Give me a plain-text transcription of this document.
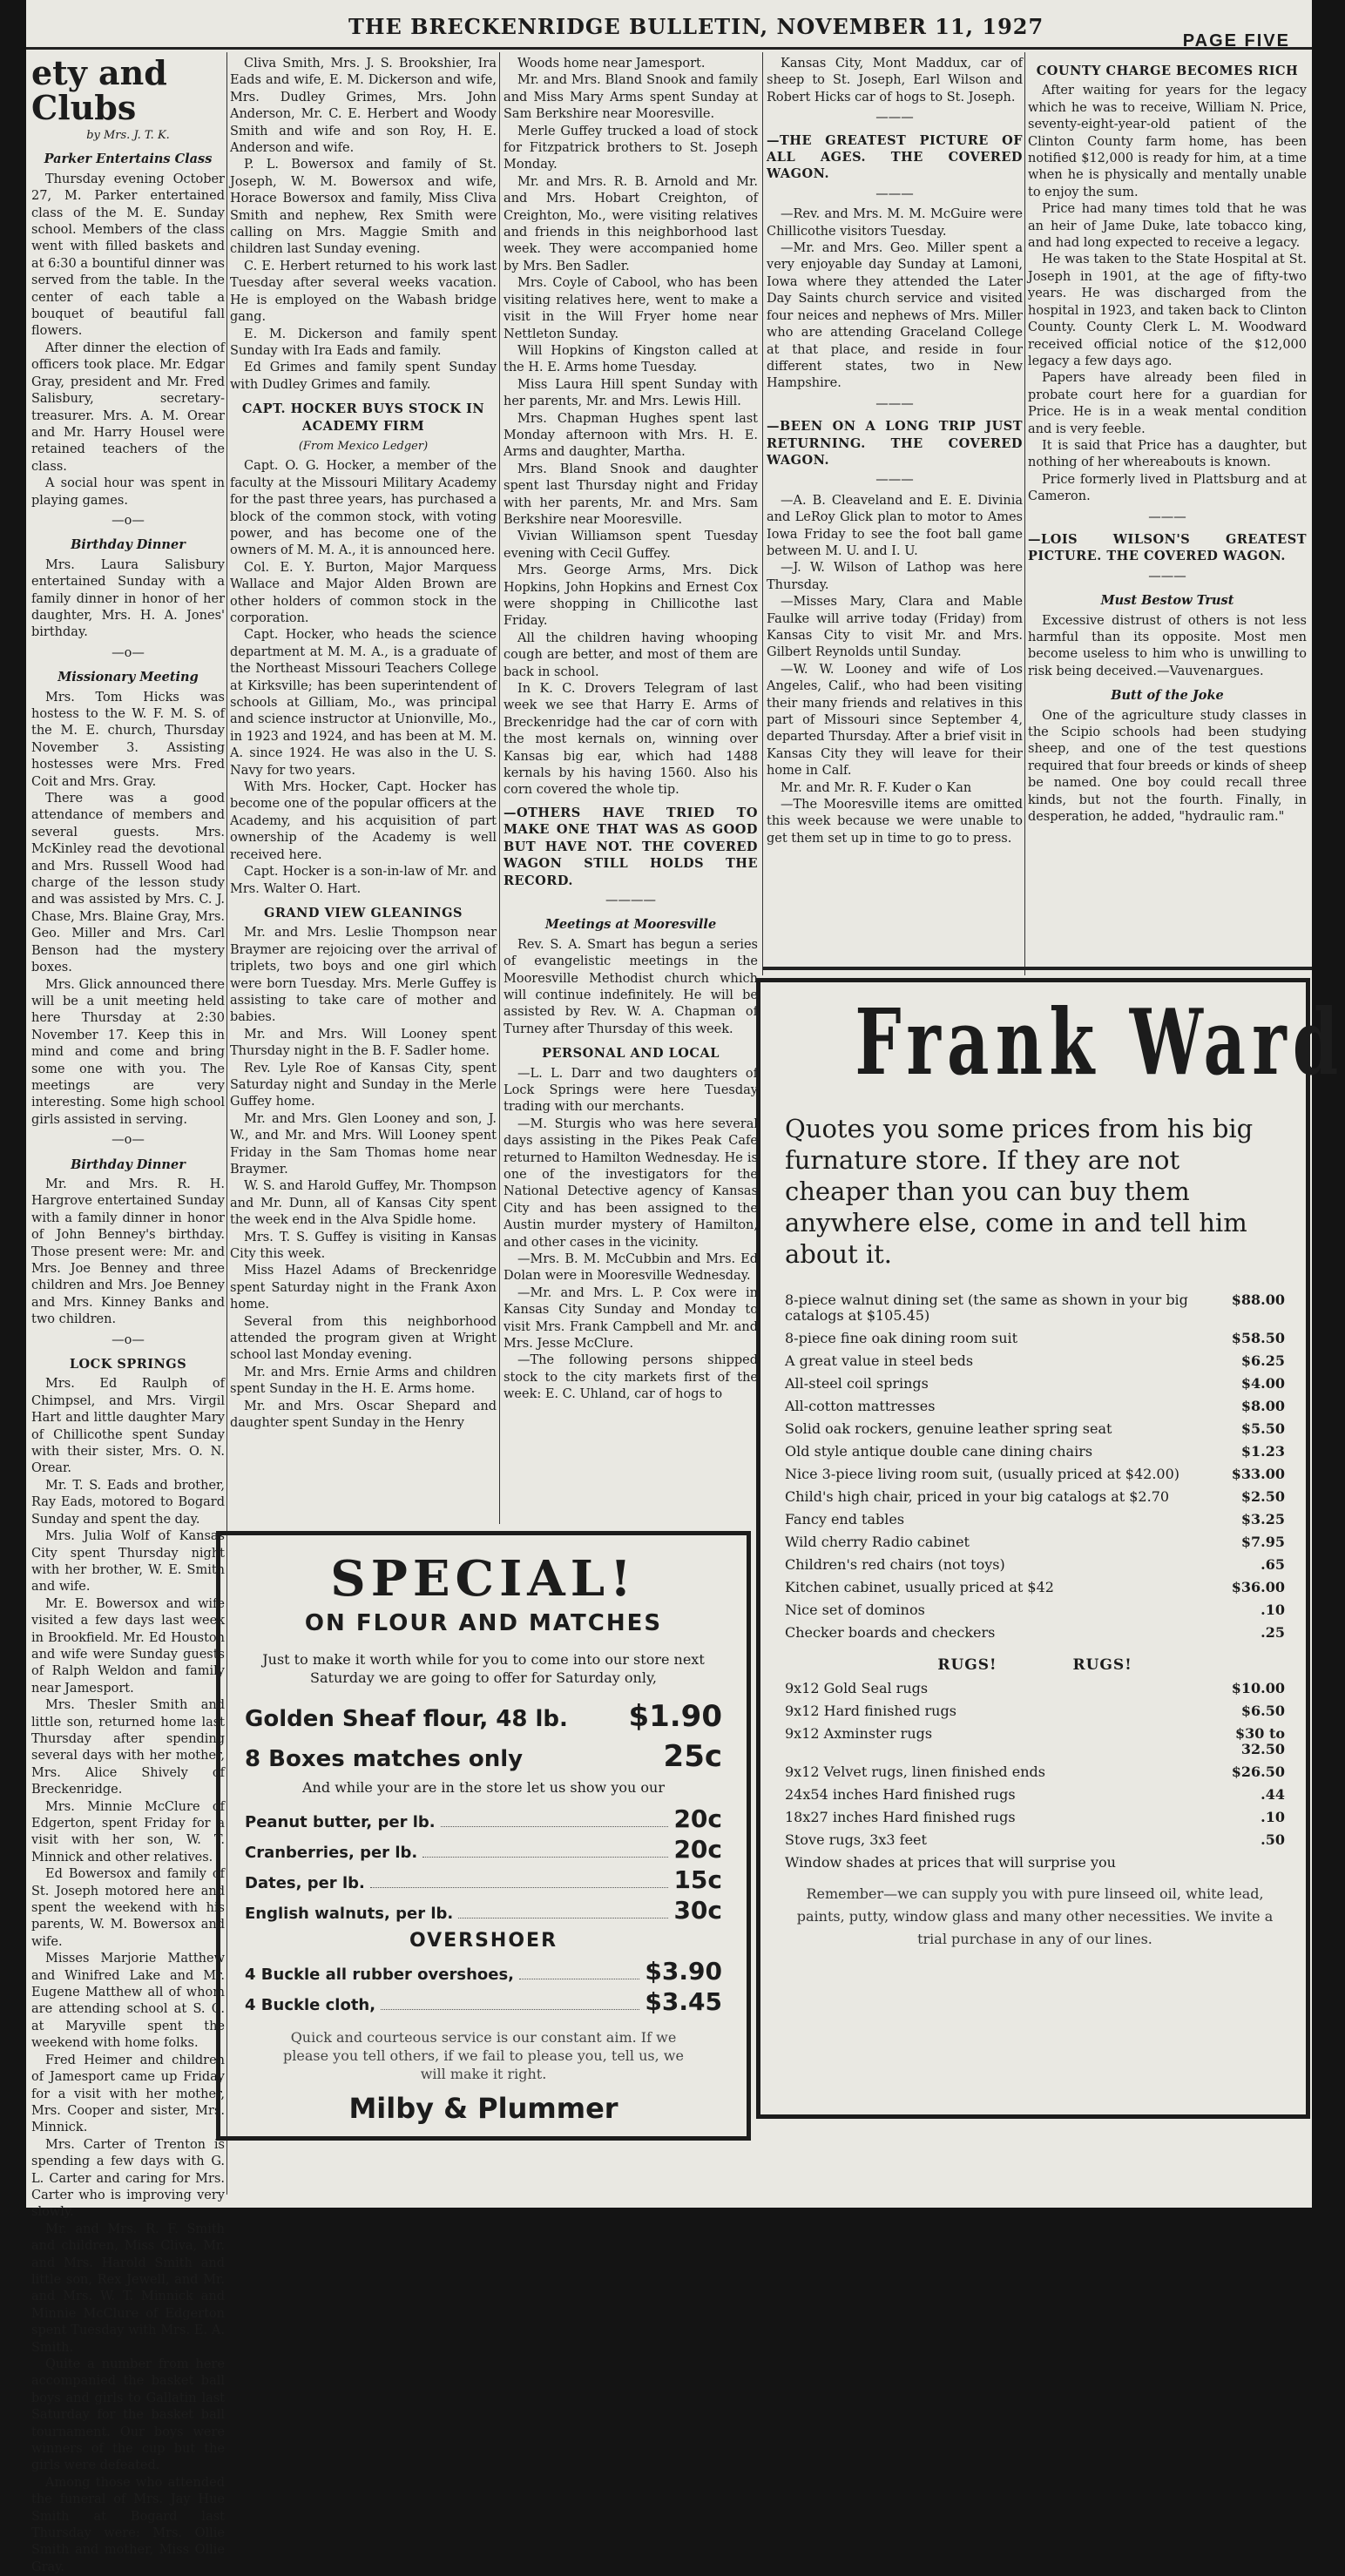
THE BRECKENRIDGE BULLETIN, NOVEMBER 11, 1927
PAGE FIVE

ety and Clubs

by Mrs. J. T. K.

Parker Entertains Class

Thursday evening October 27, M. Parker entertained class of the M. E. Sunday school. Members of the class went with filled baskets and at 6:30 a bountiful dinner was served from the table. In the center of each table a bouquet of beautiful fall flowers.

After dinner the election of officers took place. Mr. Edgar Gray, president and Mr. Fred Salisbury, secretary-treasurer. Mrs. A. M. Orear and Mr. Harry Housel were retained teachers of the class.

A social hour was spent in playing games.

—o—
Birthday Dinner

Mrs. Laura Salisbury entertained Sunday with a family dinner in honor of her daughter, Mrs. H. A. Jones' birthday.

—o—
Missionary Meeting

Mrs. Tom Hicks was hostess to the W. F. M. S. of the M. E. church, Thursday November 3. Assisting hostesses were Mrs. Fred Coit and Mrs. Gray.

There was a good attendance of members and several guests. Mrs. McKinley read the devotional and Mrs. Russell Wood had charge of the lesson study and was assisted by Mrs. C. J. Chase, Mrs. Blaine Gray, Mrs. Geo. Miller and Mrs. Carl Benson had the mystery boxes.

Mrs. Glick announced there will be a unit meeting held here Thursday at 2:30 November 17. Keep this in mind and come and bring some one with you. The meetings are very interesting. Some high school girls assisted in serving.

—o—
Birthday Dinner

Mr. and Mrs. R. H. Hargrove entertained Sunday with a family dinner in honor of John Benney's birthday. Those present were: Mr. and Mrs. Joe Benney and three children and Mrs. Joe Benney and Mrs. Kinney Banks and two children.

—o—
LOCK SPRINGS

Mrs. Ed Raulph of Chimpsel, and Mrs. Virgil Hart and little daughter Mary of Chillicothe spent Sunday with their sister, Mrs. O. N. Orear.

Mr. T. S. Eads and brother, Ray Eads, motored to Bogard Sunday and spent the day.

Mrs. Julia Wolf of Kansas City spent Thursday night with her brother, W. E. Smith and wife.

Mr. E. Bowersox and wife visited a few days last week in Brookfield. Mr. Ed Houston and wife were Sunday guests of Ralph Weldon and family near Jamesport.

Mrs. Thesler Smith and little son, returned home last Thursday after spending several days with her mother, Mrs. Alice Shively of Breckenridge.

Mrs. Minnie McClure of Edgerton, spent Friday for a visit with her son, W. T. Minnick and other relatives.

Ed Bowersox and family of St. Joseph motored here and spent the weekend with his parents, W. M. Bowersox and wife.

Misses Marjorie Matthew and Winifred Lake and Mr. Eugene Matthew all of whom are attending school at S. C. at Maryville spent the weekend with home folks.

Fred Heimer and children of Jamesport came up Friday for a visit with her mother, Mrs. Cooper and sister, Mrs. Minnick.

Mrs. Carter of Trenton is spending a few days with G. L. Carter and caring for Mrs. Carter who is improving very slowly.

Mr. and Mrs. R. F. Smith and children, Miss Cliva, Mr. and Mrs. Harold Smith and little son, Rex Jewell, and Mr. and Mrs. W. T. Minnick and Minnie McClure of Edgerton spent Tuesday with Mrs. E. A. Smith.

Quite a number from here accompanied the basket ball boys and girls to Gallatin last Saturday for the basket ball tournament. Our boys were winners of the cup but the girls were defeated.

Among those who attended the funeral of Mrs. Jay Hue Smith at Bogard last Thursday were: Mrs. Ollie Smith and mother, Miss Ollie Gray.

Cliva Smith, Mrs. J. S. Brookshier, Ira Eads and wife, E. M. Dickerson and wife, Mrs. Dudley Grimes, Mrs. John Anderson, Mr. C. E. Herbert and Woody Smith and wife and son Roy, H. E. Anderson and wife.

P. L. Bowersox and family of St. Joseph, W. M. Bowersox and wife, Horace Bowersox and family, Miss Cliva Smith and nephew, Rex Smith were calling on Mrs. Maggie Smith and children last Sunday evening.

C. E. Herbert returned to his work last Tuesday after several weeks vacation. He is employed on the Wabash bridge gang.

E. M. Dickerson and family spent Sunday with Ira Eads and family.

Ed Grimes and family spent Sunday with Dudley Grimes and family.

CAPT. HOCKER BUYS STOCK IN ACADEMY FIRM

(From Mexico Ledger)

Capt. O. G. Hocker, a member of the faculty at the Missouri Military Academy for the past three years, has purchased a block of the common stock, with voting power, and has become one of the owners of M. M. A., it is announced here.

Col. E. Y. Burton, Major Marquess Wallace and Major Alden Brown are other holders of common stock in the corporation.

Capt. Hocker, who heads the science department at M. M. A., is a graduate of the Northeast Missouri Teachers College at Kirksville; has been superintendent of schools at Gilliam, Mo., was principal and science instructor at Unionville, Mo., in 1923 and 1924, and has been at M. M. A. since 1924. He was also in the U. S. Navy for two years.

With Mrs. Hocker, Capt. Hocker has become one of the popular officers at the Academy, and his acquisition of part ownership of the Academy is well received here.

Capt. Hocker is a son-in-law of Mr. and Mrs. Walter O. Hart.

GRAND VIEW GLEANINGS

Mr. and Mrs. Leslie Thompson near Braymer are rejoicing over the arrival of triplets, two boys and one girl which were born Tuesday. Mrs. Merle Guffey is assisting to take care of mother and babies.

Mr. and Mrs. Will Looney spent Thursday night in the B. F. Sadler home.

Rev. Lyle Roe of Kansas City, spent Saturday night and Sunday in the Merle Guffey home.

Mr. and Mrs. Glen Looney and son, J. W., and Mr. and Mrs. Will Looney spent Friday in the Sam Thomas home near Braymer.

W. S. and Harold Guffey, Mr. Thompson and Mr. Dunn, all of Kansas City spent the week end in the Alva Spidle home.

Mrs. T. S. Guffey is visiting in Kansas City this week.

Miss Hazel Adams of Breckenridge spent Saturday night in the Frank Axon home.

Several from this neighborhood attended the program given at Wright school last Monday evening.

Mr. and Mrs. Ernie Arms and children spent Sunday in the H. E. Arms home.

Mr. and Mrs. Oscar Shepard and daughter spent Sunday in the Henry

Woods home near Jamesport.

Mr. and Mrs. Bland Snook and family and Miss Mary Arms spent Sunday at Sam Berkshire near Mooresville.

Merle Guffey trucked a load of stock for Fitzpatrick brothers to St. Joseph Monday.

Mr. and Mrs. R. B. Arnold and Mr. and Mrs. Hobart Creighton, of Creighton, Mo., were visiting relatives and friends in this neighborhood last week. They were accompanied home by Mrs. Ben Sadler.

Mrs. Coyle of Cabool, who has been visiting relatives here, went to make a visit in the Will Fryer home near Nettleton Sunday.

Will Hopkins of Kingston called at the H. E. Arms home Tuesday.

Miss Laura Hill spent Sunday with her parents, Mr. and Mrs. Lewis Hill.

Mrs. Chapman Hughes spent last Monday afternoon with Mrs. H. E. Arms and daughter, Martha.

Mrs. Bland Snook and daughter spent last Thursday night and Friday with her parents, Mr. and Mrs. Sam Berkshire near Mooresville.

Vivian Williamson spent Tuesday evening with Cecil Guffey.

Mrs. George Arms, Mrs. Dick Hopkins, John Hopkins and Ernest Cox were shopping in Chillicothe last Friday.

All the children having whooping cough are better, and most of them are back in school.

In K. C. Drovers Telegram of last week we see that Harry E. Arms of Breckenridge had the car of corn with the most kernals on, winning over Kansas big ear, which had 1488 kernals by his having 1560. Also his corn covered the whole tip.

—OTHERS HAVE TRIED TO MAKE ONE THAT WAS AS GOOD BUT HAVE NOT. THE COVERED WAGON STILL HOLDS THE RECORD.

————
Meetings at Mooresville

Rev. S. A. Smart has begun a series of evangelistic meetings in the Mooresville Methodist church which will continue indefinitely. He will be assisted by Rev. W. A. Chapman of Turney after Thursday of this week.

PERSONAL AND LOCAL

—L. L. Darr and two daughters of Lock Springs were here Tuesday trading with our merchants.

—M. Sturgis who was here several days assisting in the Pikes Peak Cafe returned to Hamilton Wednesday. He is one of the investigators for the National Detective agency of Kansas City and has been assigned to the Austin murder mystery of Hamilton, and other cases in the vicinity.

—Mrs. B. M. McCubbin and Mrs. Ed Dolan were in Mooresville Wednesday.

—Mr. and Mrs. L. P. Cox were in Kansas City Sunday and Monday to visit Mrs. Frank Campbell and Mr. and Mrs. Jesse McClure.

—The following persons shipped stock to the city markets first of the week: E. C. Uhland, car of hogs to

Kansas City, Mont Maddux, car of sheep to St. Joseph, Earl Wilson and Robert Hicks car of hogs to St. Joseph.

———

—THE GREATEST PICTURE OF ALL AGES. THE COVERED WAGON.

———

—Rev. and Mrs. M. M. McGuire were Chillicothe visitors Tuesday.

—Mr. and Mrs. Geo. Miller spent a very enjoyable day Sunday at Lamoni, Iowa where they attended the Later Day Saints church service and visited four neices and nephews of Mrs. Miller who are attending Graceland College at that place, and reside in four different states, two in New Hampshire.

———

—BEEN ON A LONG TRIP JUST RETURNING. THE COVERED WAGON.

———

—A. B. Cleaveland and E. E. Divinia and LeRoy Glick plan to motor to Ames Iowa Friday to see the foot ball game between M. U. and I. U.

—J. W. Wilson of Lathop was here Thursday.

—Misses Mary, Clara and Mable Faulke will arrive today (Friday) from Kansas City to visit Mr. and Mrs. Gilbert Reynolds until Sunday.

—W. W. Looney and wife of Los Angeles, Calif., who had been visiting their many friends and relatives in this part of Missouri since September 4, departed Thursday. After a brief visit in Kansas City they will leave for their home in Calf.

Mr. and Mr. R. F. Kuder o Kan

—The Mooresville items are omitted this week because we were unable to get them set up in time to go to press.

COUNTY CHARGE BECOMES RICH

After waiting for years for the legacy which he was to receive, William N. Price, seventy-eight-year-old patient of the Clinton County farm home, has been notified $12,000 is ready for him, at a time when he is physically and mentally unable to enjoy the sum.

Price had many times told that he was an heir of Jame Duke, late tobacco king, and had long expected to receive a legacy.

He was taken to the State Hospital at St. Joseph in 1901, at the age of fifty-two years. He was discharged from the hospital in 1923, and taken back to Clinton County. County Clerk L. M. Woodward received official notice of the $12,000 legacy a few days ago.

Papers have already been filed in probate court here for a guardian for Price. He is in a weak mental condition and is very feeble.

It is said that Price has a daughter, but nothing of her whereabouts is known.

Price formerly lived in Plattsburg and at Cameron.

———

—LOIS WILSON'S GREATEST PICTURE. THE COVERED WAGON.

———
Must Bestow Trust

Excessive distrust of others is not less harmful than its opposite. Most men become useless to him who is unwilling to risk being deceived.—Vauvenargues.

Butt of the Joke

One of the agriculture study classes in the Scipio schools had been studying sheep, and one of the test questions required that four breeds or kinds of sheep be named. One boy could recall three kinds, but not the fourth. Finally, in desperation, he added, "hydraulic ram."

SPECIAL!
ON FLOUR AND MATCHES
Just to make it worth while for you to come into our store next Saturday we are going to offer for Saturday only,
Golden Sheaf flour, 48 lb. $1.90
8 Boxes matches only	25c
And while your are in the store let us show you our
Peanut butter, per lb.	20c
Cranberries, per lb.	20c
Dates, per lb.	15c
English walnuts, per lb.	30c
OVERSHOER
4 Buckle all rubber overshoes,	$3.90
4 Buckle cloth,	$3.45
Quick and courteous service is our constant aim. If we please you tell others, if we fail to please you, tell us, we will make it right.
Milby & Plummer
Frank Ward
Quotes you some prices from his big furnature store. If they are not cheaper than you can buy them anywhere else, come in and tell him about it.
8-piece walnut dining set (the same as shown in your big catalogs at $105.45)
$88.00
8-piece fine oak dining room suit	$58.50
A great value in steel beds	$6.25
All-steel coil springs	$4.00
All-cotton mattresses	$8.00
Solid oak rockers, genuine leather spring seat	$5.50
Old style antique double cane dining chairs	$1.23
Nice 3-piece living room suit, (usually priced at $42.00)	$33.00
Child's high chair, priced in your big catalogs at $2.70	$2.50
Fancy end tables	$3.25
Wild cherry Radio cabinet	$7.95
Children's red chairs (not toys)	.65
Kitchen cabinet, usually priced at $42	$36.00
Nice set of dominos	.10
Checker boards and checkers	.25
RUGS!	RUGS!
9x12 Gold Seal rugs	$10.00
9x12 Hard finished rugs	$6.50
9x12 Axminster rugs	$30 to 32.50
9x12 Velvet rugs, linen finished ends	$26.50
24x54 inches Hard finished rugs	.44
18x27 inches Hard finished rugs	.10
Stove rugs, 3x3 feet	.50
Window shades at prices that will surprise you
Remember—we can supply you with pure linseed oil, white lead, paints, putty, window glass and many other necessities. We invite a trial purchase in any of our lines.
